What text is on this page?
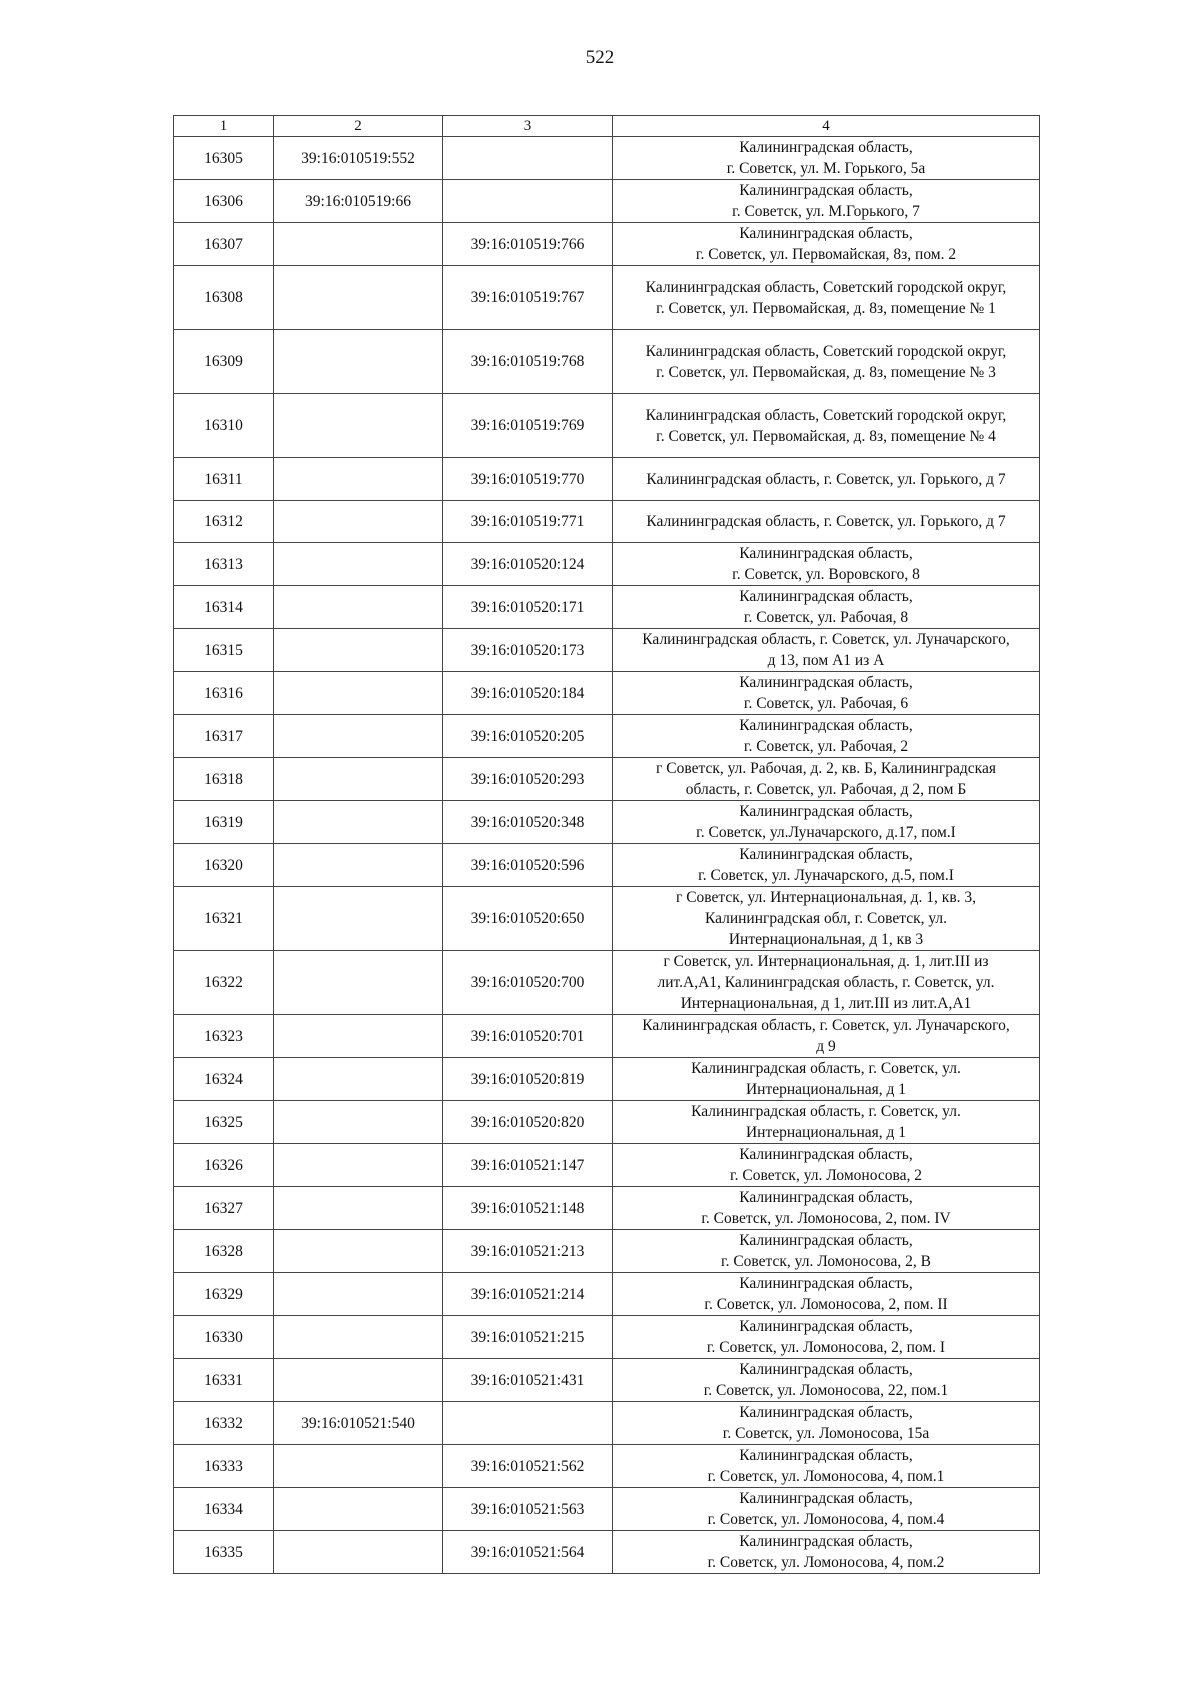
522
1	2	3	4
16305	39:16:010519:552		Калининградская область,
г. Советск, ул. М. Горького, 5а

16306	39:16:010519:66		Калининградская область,
г. Советск, ул. М.Горького, 7

16307		39:16:010519:766	Калининградская область,
г. Советск, ул. Первомайская, 8з, пом. 2

16308		39:16:010519:767	Калининградская область, Советский городской округ,
г. Советск, ул. Первомайская, д. 8з, помещение № 1

16309		39:16:010519:768	Калининградская область, Советский городской округ,
г. Советск, ул. Первомайская, д. 8з, помещение № 3

16310		39:16:010519:769	Калининградская область, Советский городской округ,
г. Советск, ул. Первомайская, д. 8з, помещение № 4

16311		39:16:010519:770	Калининградская область, г. Советск, ул. Горького, д 7

16312		39:16:010519:771	Калининградская область, г. Советск, ул. Горького, д 7

16313		39:16:010520:124	Калининградская область,
г. Советск, ул. Воровского, 8

16314		39:16:010520:171	Калининградская область,
г. Советск, ул. Рабочая, 8

16315		39:16:010520:173	Калининградская область, г. Советск, ул. Луначарского,
д 13, пом А1 из А

16316		39:16:010520:184	Калининградская область,
г. Советск, ул. Рабочая, 6

16317		39:16:010520:205	Калининградская область,
г. Советск, ул. Рабочая, 2

16318		39:16:010520:293	г Советск, ул. Рабочая, д. 2, кв. Б, Калининградская
область, г. Советск, ул. Рабочая, д 2, пом Б

16319		39:16:010520:348	Калининградская область,
г. Советск, ул.Луначарского, д.17, пом.I

16320		39:16:010520:596	Калининградская область,
г. Советск, ул. Луначарского, д.5, пом.I

16321		39:16:010520:650	г Советск, ул. Интернациональная, д. 1, кв. 3,
Калининградская обл, г. Советск, ул.
Интернациональная, д 1, кв 3

16322		39:16:010520:700	г Советск, ул. Интернациональная, д. 1, лит.III из
лит.А,А1, Калининградская область, г. Советск, ул.
Интернациональная, д 1, лит.III из лит.А,А1

16323		39:16:010520:701	Калининградская область, г. Советск, ул. Луначарского,
д 9

16324		39:16:010520:819	Калининградская область, г. Советск, ул.
Интернациональная, д 1

16325		39:16:010520:820	Калининградская область, г. Советск, ул.
Интернациональная, д 1

16326		39:16:010521:147	Калининградская область,
г. Советск, ул. Ломоносова, 2

16327		39:16:010521:148	Калининградская область,
г. Советск, ул. Ломоносова, 2, пом. IV

16328		39:16:010521:213	Калининградская область,
г. Советск, ул. Ломоносова, 2, В

16329		39:16:010521:214	Калининградская область,
г. Советск, ул. Ломоносова, 2, пом. II

16330		39:16:010521:215	Калининградская область,
г. Советск, ул. Ломоносова, 2, пом. I

16331		39:16:010521:431	Калининградская область,
г. Советск, ул. Ломоносова, 22, пом.1

16332	39:16:010521:540		Калининградская область,
г. Советск, ул. Ломоносова, 15а

16333		39:16:010521:562	Калининградская область,
г. Советск, ул. Ломоносова, 4, пом.1

16334		39:16:010521:563	Калининградская область,
г. Советск, ул. Ломоносова, 4, пом.4

16335		39:16:010521:564	Калининградская область,
г. Советск, ул. Ломоносова, 4, пом.2
